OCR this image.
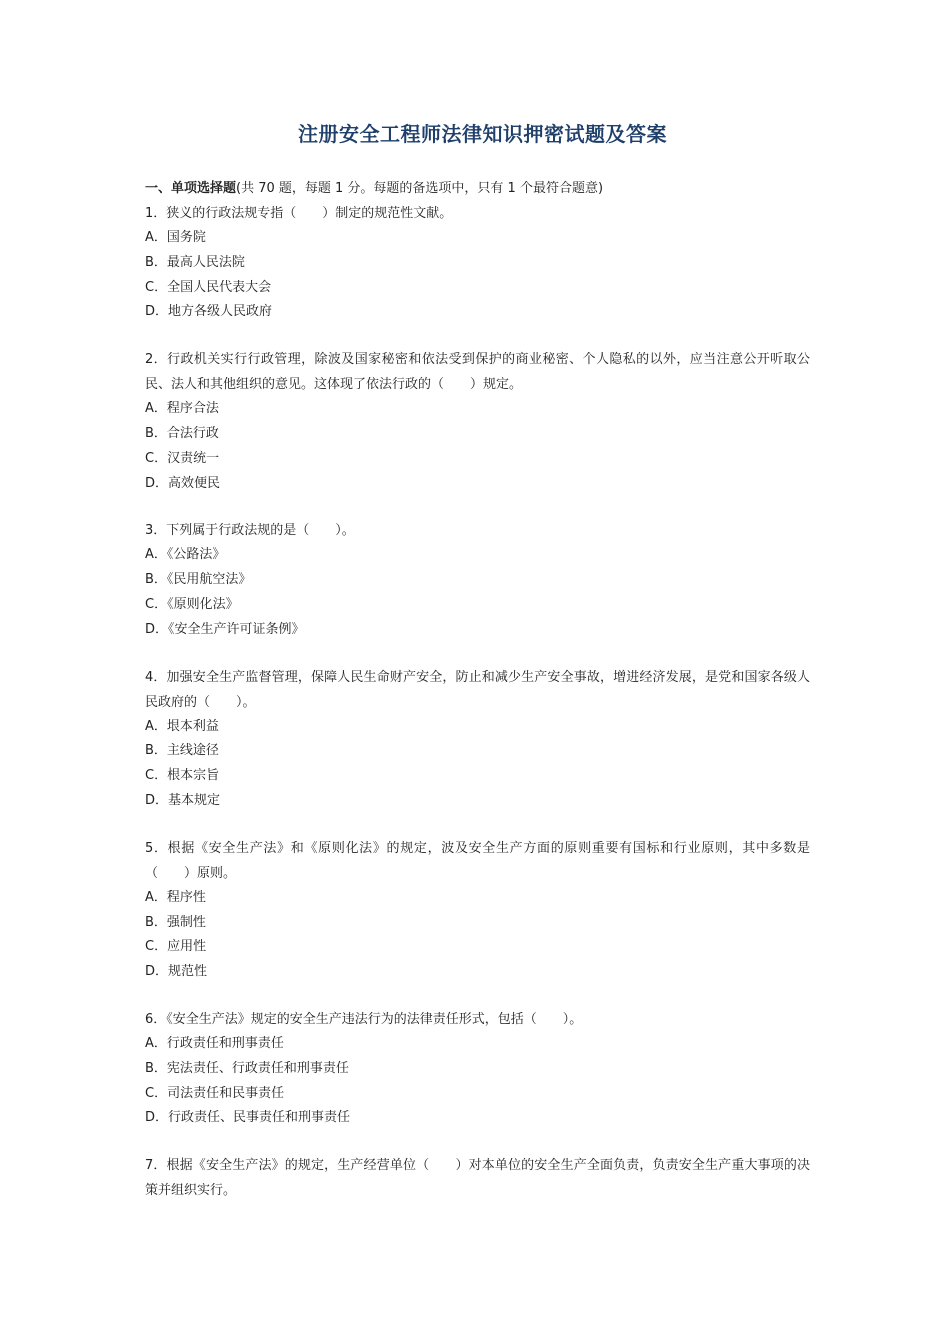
注册安全工程师法律知识押密试题及答案

一、单项选择题(共 70 题，每题 1 分。每题的备选项中，只有 1 个最符合题意)

1．狭义的行政法规专指（　　）制定的规范性文献。

A．国务院

B．最高人民法院

C．全国人民代表大会

D．地方各级人民政府

2．行政机关实行行政管理，除波及国家秘密和依法受到保护的商业秘密、个人隐私的以外，应当注意公开听取公民、法人和其他组织的意见。这体现了依法行政的（　　）规定。

A．程序合法

B．合法行政

C．汉责统一

D．高效便民

3．下列属于行政法规的是（　　）。

A．《公路法》

B．《民用航空法》

C．《原则化法》

D．《安全生产许可证条例》

4．加强安全生产监督管理，保障人民生命财产安全，防止和减少生产安全事故，增进经济发展，是党和国家各级人民政府的（　　）。

A．垠本利益

B．主线途径

C．根本宗旨

D．基本规定

5．根据《安全生产法》和《原则化法》的规定，波及安全生产方面的原则重要有国标和行业原则，其中多数是（　　）原则。

A．程序性

B．强制性

C．应用性

D．规范性

6．《安全生产法》规定的安全生产违法行为的法律责任形式，包括（　　）。

A．行政责任和刑事责任

B．宪法责任、行政责任和刑事责任

C．司法责任和民事责任

D．行政责任、民事责任和刑事责任

7．根据《安全生产法》的规定，生产经营单位（　　）对本单位的安全生产全面负责，负责安全生产重大事项的决策并组织实行。
